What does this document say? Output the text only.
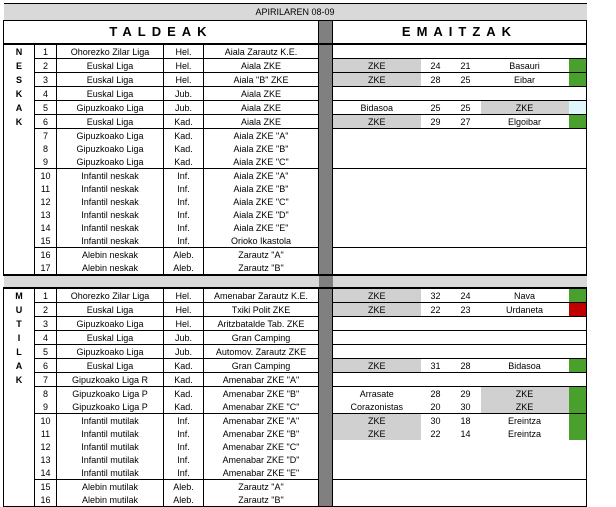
APIRILAREN 08-09										
TALDEAK						EMAITZAK				
N	1	Ohorezko Zilar Liga	Hel.	Aiala Zarautz K.E.						
E	2	Euskal Liga	Hel.	Aiala ZKE		ZKE	24	21	Basauri	
S	3	Euskal Liga	Hel.	Aiala "B" ZKE		ZKE	28	25	Eibar	
K	4	Euskal Liga	Jub.	Aiala ZKE						
A	5	Gipuzkoako Liga	Jub.	Aiala ZKE		Bidasoa	25	25	ZKE	
K	6	Euskal Liga	Kad.	Aiala ZKE		ZKE	29	27	Elgoibar	
	7	Gipuzkoako Liga	Kad.	Aiala ZKE "A"						
	8	Gipuzkoako Liga	Kad.	Aiala ZKE "B"						
	9	Gipuzkoako Liga	Kad.	Aiala ZKE "C"						
	10	Infantil neskak	Inf.	Aiala ZKE "A"						
	11	Infantil neskak	Inf.	Aiala ZKE "B"						
	12	Infantil neskak	Inf.	Aiala ZKE "C"						
	13	Infantil neskak	Inf.	Aiala ZKE "D"						
	14	Infantil neskak	Inf.	Aiala ZKE "E"						
	15	Infantil neskak	Inf.	Orioko Ikastola						
	16	Alebin neskak	Aleb.	Zarautz "A"						
	17	Alebin neskak	Aleb.	Zarautz "B"						

M	1	Ohorezko Zilar Liga	Hel.	Amenabar Zarautz K.E.		ZKE	32	24	Nava	
U	2	Euskal Liga	Hel.	Txiki Polit ZKE		ZKE	22	23	Urdaneta	
T	3	Gipuzkoako Liga	Hel.	Aritzbatalde Tab. ZKE						
I	4	Euskal Liga	Jub.	Gran Camping						
L	5	Gipuzkoako Liga	Jub.	Automov. Zarautz ZKE						
A	6	Euskal Liga	Kad.	Gran Camping		ZKE	31	28	Bidasoa	
K	7	Gipuzkoako Liga R	Kad.	Amenabar ZKE "A"						
	8	Gipuzkoako Liga P	Kad.	Amenabar ZKE "B"		Arrasate	28	29	ZKE	
	9	Gipuzkoako Liga P	Kad.	Amenabar ZKE "C"		Corazonistas	20	30	ZKE	
	10	Infantil mutilak	Inf.	Amenabar ZKE "A"		ZKE	30	18	Ereintza	
	11	Infantil mutilak	Inf.	Amenabar ZKE "B"		ZKE	22	14	Ereintza	
	12	Infantil mutilak	Inf.	Amenabar ZKE "C"						
	13	Infantil mutilak	Inf.	Amenabar ZKE "D"						
	14	Infantil mutilak	Inf.	Amenabar ZKE "E"						
	15	Alebin mutilak	Aleb.	Zarautz "A"						
	16	Alebin mutilak	Aleb.	Zarautz "B"						
